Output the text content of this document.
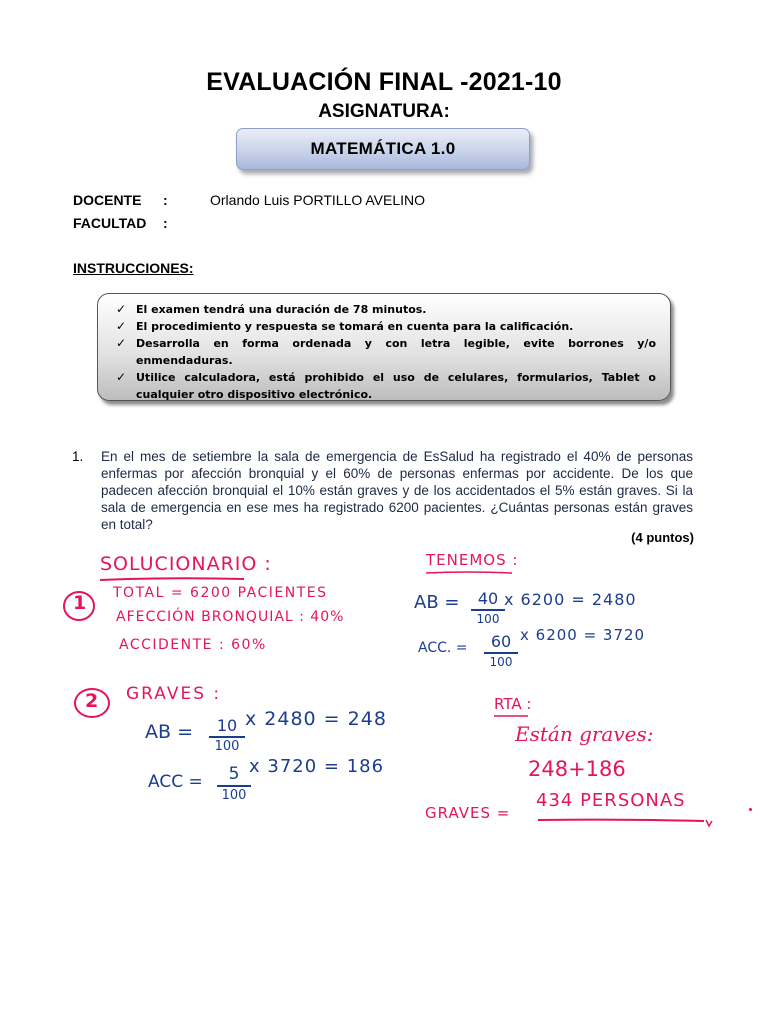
EVALUACIÓN FINAL -2021-10
ASIGNATURA:
MATEMÁTICA 1.0
DOCENTE :	Orlando Luis PORTILLO AVELINO
FACULTAD :
INSTRUCCIONES:
✓ El examen tendrá una duración de 78 minutos.
✓ El procedimiento y respuesta se tomará en cuenta para la calificación.
✓ Desarrolla en forma ordenada y con letra legible, evite borrones y/o enmendaduras.
✓ Utilice calculadora, está prohibido el uso de celulares, formularios, Tablet o cualquier otro dispositivo electrónico.
1. En el mes de setiembre la sala de emergencia de EsSalud ha registrado el 40% de personas enfermas por afección bronquial y el 60% de personas enfermas por accidente. De los que padecen afección bronquial el 10% están graves y de los accidentados el 5% están graves. Si la sala de emergencia en ese mes ha registrado 6200 pacientes. ¿Cuántas personas están graves en total?
(4 puntos)
SOLUCIONARIO :
1 TOTAL = 6200 PACIENTES
AFECCIÓN BRONQUIAL : 40%
ACCIDENTE : 60%
TENEMOS :
AB =	40
100
x 6200 = 2480
ACC. =	60
100
x 6200 = 3720
2 GRAVES :
AB =	10
100
x 2480 = 248
ACC =	5
100
x 3720 = 186
RTA :
Están graves:
248+186
GRAVES =
434 PERSONAS
